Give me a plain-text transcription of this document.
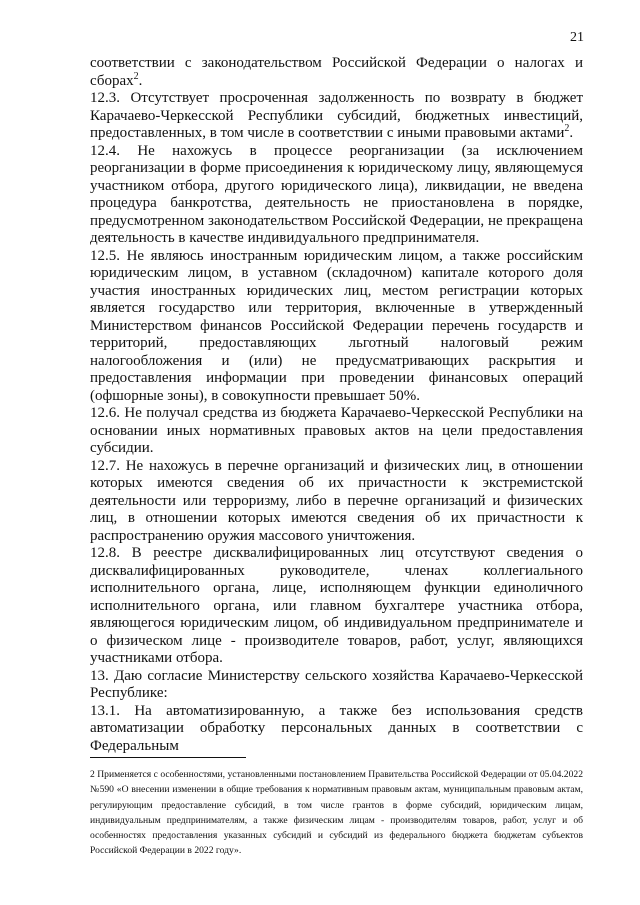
21

соответствии с законодательством Российской Федерации о налогах и сборах$^2$.

12.3. Отсутствует просроченная задолженность по возврату в бюджет Карачаево-Черкесской Республики субсидий, бюджетных инвестиций, предоставленных, в том числе в соответствии с иными правовыми актами$^2$.

12.4. Не нахожусь в процессе реорганизации (за исключением реорганизации в форме присоединения к юридическому лицу, являющемуся участником отбора, другого юридического лица), ликвидации, не введена процедура банкротства, деятельность не приостановлена в порядке, предусмотренном законодательством Российской Федерации, не прекращена деятельность в качестве индивидуального предпринимателя.

12.5. Не являюсь иностранным юридическим лицом, а также российским юридическим лицом, в уставном (складочном) капитале которого доля участия иностранных юридических лиц, местом регистрации которых является государство или территория, включенные в утвержденный Министерством финансов Российской Федерации перечень государств и территорий, предоставляющих льготный налоговый режим налогообложения и (или) не предусматривающих раскрытия и предоставления информации при проведении финансовых операций (офшорные зоны), в совокупности превышает 50%.

12.6. Не получал средства из бюджета Карачаево-Черкесской Республики на основании иных нормативных правовых актов на цели предоставления субсидии.

12.7. Не нахожусь в перечне организаций и физических лиц, в отношении которых имеются сведения об их причастности к экстремистской деятельности или терроризму, либо в перечне организаций и физических лиц, в отношении которых имеются сведения об их причастности к распространению оружия массового уничтожения.

12.8. В реестре дисквалифицированных лиц отсутствуют сведения о дисквалифицированных руководителе, членах коллегиального исполнительного органа, лице, исполняющем функции единоличного исполнительного органа, или главном бухгалтере участника отбора, являющегося юридическим лицом, об индивидуальном предпринимателе и о физическом лице - производителе товаров, работ, услуг, являющихся участниками отбора.

13. Даю согласие Министерству сельского хозяйства Карачаево-Черкесской Республике:

13.1. На автоматизированную, а также без использования средств автоматизации обработку персональных данных в соответствии с Федеральным

2 Применяется с особенностями, установленными постановлением Правительства Российской Федерации от 05.04.2022 №590 «О внесении изменении в общие требования к нормативным правовым актам, муниципальным правовым актам, регулирующим предоставление субсидий, в том числе грантов в форме субсидий, юридическим лицам, индивидуальным предпринимателям, а также физическим лицам - производителям товаров, работ, услуг и об особенностях предоставления указанных субсидий и субсидий из федерального бюджета бюджетам субъектов Российской Федерации в 2022 году».
